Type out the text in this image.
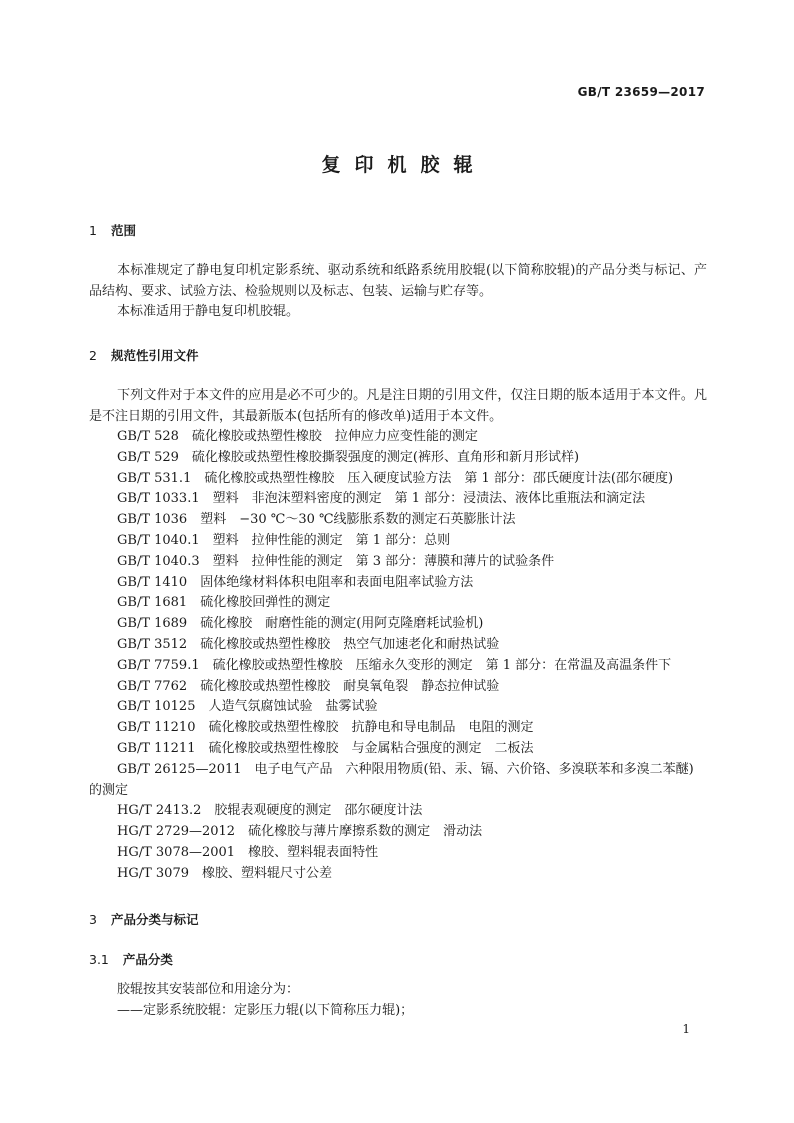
GB/T 23659—2017
复印机胶辊
1 范围
本标准规定了静电复印机定影系统、驱动系统和纸路系统用胶辊(以下简称胶辊)的产品分类与标记、产品结构、要求、试验方法、检验规则以及标志、包装、运输与贮存等。
本标准适用于静电复印机胶辊。
2 规范性引用文件
下列文件对于本文件的应用是必不可少的。凡是注日期的引用文件，仅注日期的版本适用于本文件。凡是不注日期的引用文件，其最新版本(包括所有的修改单)适用于本文件。
GB/T 528　硫化橡胶或热塑性橡胶　拉伸应力应变性能的测定
GB/T 529　硫化橡胶或热塑性橡胶撕裂强度的测定(裤形、直角形和新月形试样)
GB/T 531.1　硫化橡胶或热塑性橡胶　压入硬度试验方法　第 1 部分：邵氏硬度计法(邵尔硬度)
GB/T 1033.1　塑料　非泡沫塑料密度的测定　第 1 部分：浸渍法、液体比重瓶法和滴定法
GB/T 1036　塑料　−30 ℃～30 ℃线膨胀系数的测定石英膨胀计法
GB/T 1040.1　塑料　拉伸性能的测定　第 1 部分：总则
GB/T 1040.3　塑料　拉伸性能的测定　第 3 部分：薄膜和薄片的试验条件
GB/T 1410　固体绝缘材料体积电阻率和表面电阻率试验方法
GB/T 1681　硫化橡胶回弹性的测定
GB/T 1689　硫化橡胶　耐磨性能的测定(用阿克隆磨耗试验机)
GB/T 3512　硫化橡胶或热塑性橡胶　热空气加速老化和耐热试验
GB/T 7759.1　硫化橡胶或热塑性橡胶　压缩永久变形的测定　第 1 部分：在常温及高温条件下
GB/T 7762　硫化橡胶或热塑性橡胶　耐臭氧龟裂　静态拉伸试验
GB/T 10125　人造气氛腐蚀试验　盐雾试验
GB/T 11210　硫化橡胶或热塑性橡胶　抗静电和导电制品　电阻的测定
GB/T 11211　硫化橡胶或热塑性橡胶　与金属粘合强度的测定　二板法
GB/T 26125—2011　电子电气产品　六种限用物质(铅、汞、镉、六价铬、多溴联苯和多溴二苯醚)
的测定
HG/T 2413.2　胶辊表观硬度的测定　邵尔硬度计法
HG/T 2729—2012　硫化橡胶与薄片摩擦系数的测定　滑动法
HG/T 3078—2001　橡胶、塑料辊表面特性
HG/T 3079　橡胶、塑料辊尺寸公差
3 产品分类与标记
3.1 产品分类
胶辊按其安装部位和用途分为：
——定影系统胶辊：定影压力辊(以下简称压力辊)；
1
